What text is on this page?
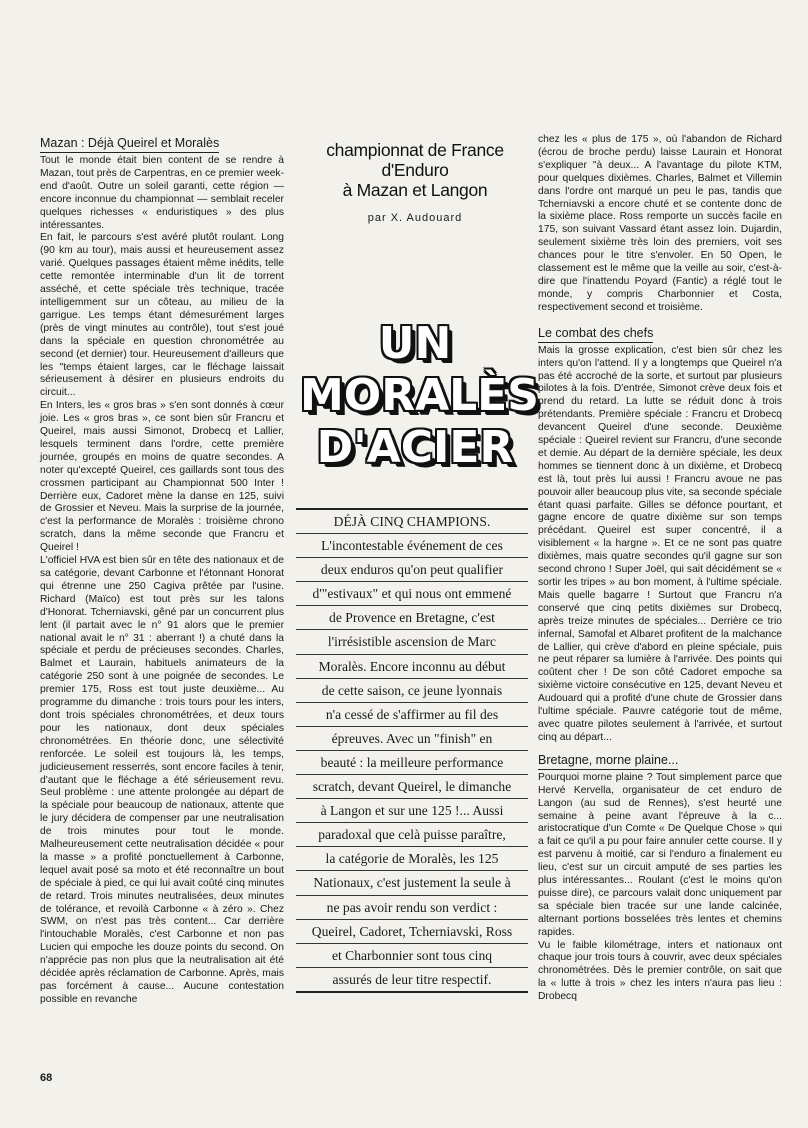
Mazan : Déjà Queirel et Moralès

Tout le monde était bien content de se rendre à Mazan, tout près de Carpentras, en ce premier week-end d'août. Outre un soleil garanti, cette région — encore inconnue du championnat — semblait receler quelques richesses « enduristiques » des plus intéressantes.

En fait, le parcours s'est avéré plutôt roulant. Long (90 km au tour), mais aussi et heureusement assez varié. Quelques passages étaient même inédits, telle cette remontée interminable d'un lit de torrent asséché, et cette spéciale très technique, tracée intelligemment sur un côteau, au milieu de la garrigue. Les temps étant démesurément larges (près de vingt minutes au contrôle), tout s'est joué dans la spéciale en question chronométrée au second (et dernier) tour. Heureusement d'ailleurs que les "temps étaient larges, car le fléchage laissait sérieusement à désirer en plusieurs endroits du circuit...

En Inters, les « gros bras » s'en sont donnés à cœur joie. Les « gros bras », ce sont bien sûr Francru et Queirel, mais aussi Simonot, Drobecq et Lallier, lesquels terminent dans l'ordre, cette première journée, groupés en moins de quatre secondes. A noter qu'excepté Queirel, ces gaillards sont tous des crossmen participant au Championnat 500 Inter ! Derrière eux, Cadoret mène la danse en 125, suivi de Grossier et Neveu. Mais la surprise de la journée, c'est la performance de Moralès : troisième chrono scratch, dans la même seconde que Francru et Queirel !

L'officiel HVA est bien sûr en tête des nationaux et de sa catégorie, devant Carbonne et l'étonnant Honorat qui étrenne une 250 Cagiva prêtée par l'usine. Richard (Maïco) est tout près sur les talons d'Honorat. Tcherniavski, gêné par un concurrent plus lent (il partait avec le n° 91 alors que le premier national avait le n° 31 : aberrant !) a chuté dans la spéciale et perdu de précieuses secondes. Charles, Balmet et Laurain, habituels animateurs de la catégorie 250 sont à une poignée de secondes. Le premier 175, Ross est tout juste deuxième... Au programme du dimanche : trois tours pour les inters, dont trois spéciales chronométrées, et deux tours pour les nationaux, dont deux spéciales chronométrées. En théorie donc, une sélectivité renforcée. Le soleil est toujours là, les temps, judicieusement resserrés, sont encore faciles à tenir, d'autant que le fléchage a été sérieusement revu. Seul problème : une attente prolongée au départ de la spéciale pour beaucoup de nationaux, attente que le jury décidera de compenser par une neutralisation de trois minutes pour tout le monde. Malheureusement cette neutralisation décidée « pour la masse » a profité ponctuellement à Carbonne, lequel avait posé sa moto et été reconnaître un bout de spéciale à pied, ce qui lui avait coûté cinq minutes de retard. Trois minutes neutralisées, deux minutes de tolérance, et revoilà Carbonne « à zéro ». Chez SWM, on n'est pas très content... Car derrière l'intouchable Moralès, c'est Carbonne et non pas Lucien qui empoche les douze points du second. On n'apprécie pas non plus que la neutralisation ait été décidée après réclamation de Carbonne. Après, mais pas forcément à cause... Aucune contestation possible en revanche

championnat de France
d'Enduro
à Mazan et Langon
par X. Audouard
UN
MORALÈS
D'ACIER
DÉJÀ CINQ CHAMPIONS.
L'incontestable événement de ces
deux enduros qu'on peut qualifier
d'"estivaux" et qui nous ont emmené
de Provence en Bretagne, c'est
l'irrésistible ascension de Marc
Moralès. Encore inconnu au début
de cette saison, ce jeune lyonnais
n'a cessé de s'affirmer au fil des
épreuves. Avec un "finish" en
beauté : la meilleure performance
scratch, devant Queirel, le dimanche
à Langon et sur une 125 !... Aussi
paradoxal que celà puisse paraître,
la catégorie de Moralès, les 125
Nationaux, c'est justement la seule à
ne pas avoir rendu son verdict :
Queirel, Cadoret, Tcherniavski, Ross
et Charbonnier sont tous cinq
assurés de leur titre respectif.

chez les « plus de 175 », où l'abandon de Richard (écrou de broche perdu) laisse Laurain et Honorat s'expliquer "à deux... A l'avantage du pilote KTM, pour quelques dixièmes. Charles, Balmet et Villemin dans l'ordre ont marqué un peu le pas, tandis que Tcherniavski a encore chuté et se contente donc de la sixième place. Ross remporte un succès facile en 175, son suivant Vassard étant assez loin. Dujardin, seulement sixième très loin des premiers, voit ses chances pour le titre s'envoler. En 50 Open, le classement est le même que la veille au soir, c'est-à-dire que l'inattendu Poyard (Fantic) a réglé tout le monde, y compris Charbonnier et Costa, respectivement second et troisième.

Le combat des chefs

Mais la grosse explication, c'est bien sûr chez les inters qu'on l'attend. Il y a longtemps que Queirel n'a pas été accroché de la sorte, et surtout par plusieurs pilotes à la fois. D'entrée, Simonot crève deux fois et prend du retard. La lutte se réduit donc à trois prétendants. Première spéciale : Francru et Drobecq devancent Queirel d'une seconde. Deuxième spéciale : Queirel revient sur Francru, d'une seconde et demie. Au départ de la dernière spéciale, les deux hommes se tiennent donc à un dixième, et Drobecq est là, tout près lui aussi ! Francru avoue ne pas pouvoir aller beaucoup plus vite, sa seconde spéciale étant quasi parfaite. Gilles se défonce pourtant, et gagne encore de quatre dixième sur son temps précédant. Queirel est super concentré, il a visiblement « la hargne ». Et ce ne sont pas quatre dixièmes, mais quatre secondes qu'il gagne sur son second chrono ! Super Joël, qui sait décidément se « sortir les tripes » au bon moment, à l'ultime spéciale. Mais quelle bagarre ! Surtout que Francru n'a conservé que cinq petits dixièmes sur Drobecq, après treize minutes de spéciales... Derrière ce trio infernal, Samofal et Albaret profitent de la malchance de Lallier, qui crève d'abord en pleine spéciale, puis ne peut réparer sa lumière à l'arrivée. Des points qui coûtent cher ! De son côté Cadoret empoche sa sixième victoire consécutive en 125, devant Neveu et Audouard qui a profité d'une chute de Grossier dans l'ultime spéciale. Pauvre catégorie tout de même, avec quatre pilotes seulement à l'arrivée, et surtout cinq au départ...

Bretagne, morne plaine...

Pourquoi morne plaine ? Tout simplement parce que Hervé Kervella, organisateur de cet enduro de Langon (au sud de Rennes), s'est heurté une semaine à peine avant l'épreuve à la c... aristocratique d'un Comte « De Quelque Chose » qui a fait ce qu'il a pu pour faire annuler cette course. Il y est parvenu à moitié, car si l'enduro a finalement eu lieu, c'est sur un circuit amputé de ses parties les plus intéressantes... Roulant (c'est le moins qu'on puisse dire), ce parcours valait donc uniquement par sa spéciale bien tracée sur une lande calcinée, alternant portions bosselées très lentes et chemins rapides.

Vu le faible kilométrage, inters et nationaux ont chaque jour trois tours à couvrir, avec deux spéciales chronométrées. Dès le premier contrôle, on sait que la « lutte à trois » chez les inters n'aura pas lieu : Drobecq

68
